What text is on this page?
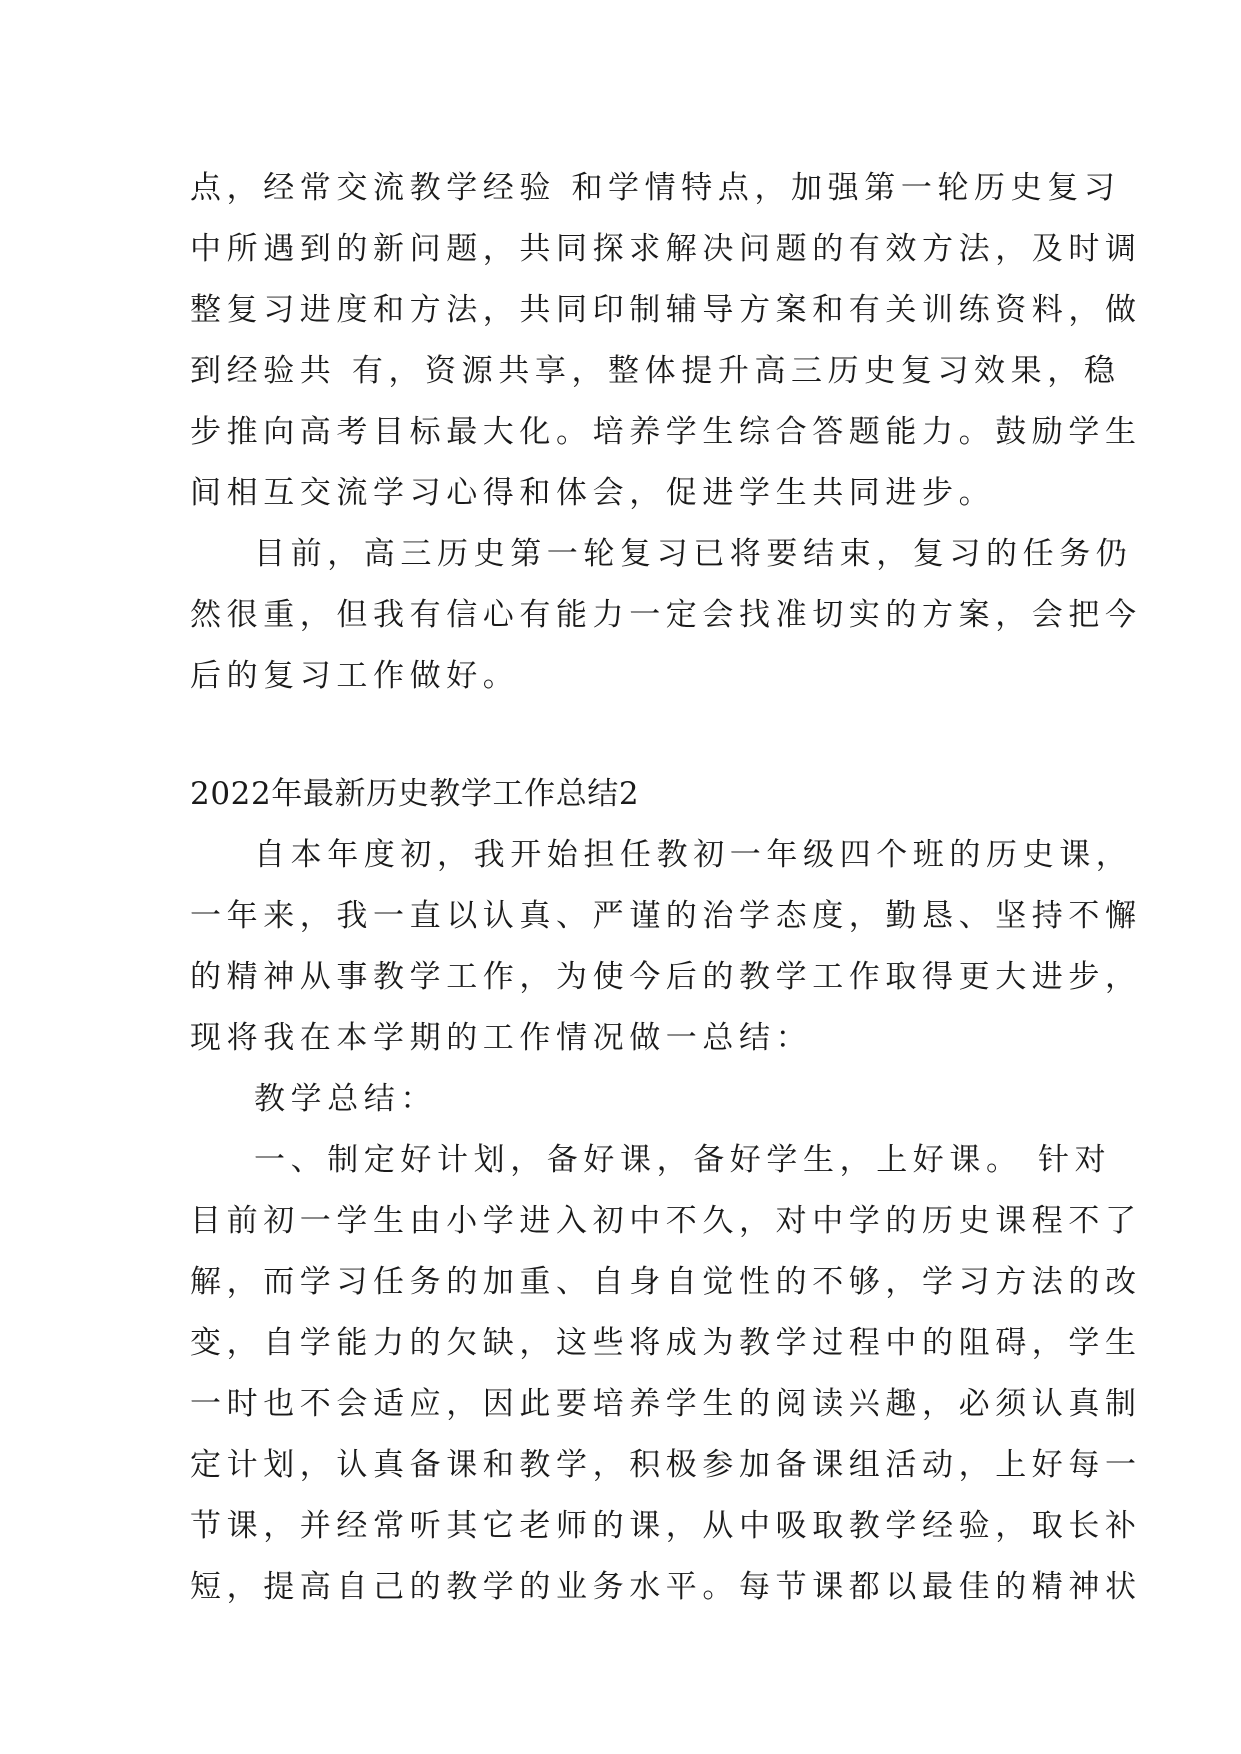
点，经常交流教学经验 和学情特点，加强第一轮历史复习
中所遇到的新问题，共同探求解决问题的有效方法，及时调
整复习进度和方法，共同印制辅导方案和有关训练资料，做
到经验共 有，资源共享，整体提升高三历史复习效果，稳
步推向高考目标最大化。培养学生综合答题能力。鼓励学生
间相互交流学习心得和体会，促进学生共同进步。
目前，高三历史第一轮复习已将要结束，复习的任务仍
然很重，但我有信心有能力一定会找准切实的方案，会把今
后的复习工作做好。
2022年最新历史教学工作总结2
自本年度初，我开始担任教初一年级四个班的历史课，
一年来，我一直以认真、严谨的治学态度，勤恳、坚持不懈
的精神从事教学工作，为使今后的教学工作取得更大进步，
现将我在本学期的工作情况做一总结：
教学总结：
一、制定好计划，备好课，备好学生，上好课。 针对
目前初一学生由小学进入初中不久，对中学的历史课程不了
解，而学习任务的加重、自身自觉性的不够，学习方法的改
变，自学能力的欠缺，这些将成为教学过程中的阻碍，学生
一时也不会适应，因此要培养学生的阅读兴趣，必须认真制
定计划，认真备课和教学，积极参加备课组活动，上好每一
节课，并经常听其它老师的课，从中吸取教学经验，取长补
短，提高自己的教学的业务水平。每节课都以最佳的精神状
